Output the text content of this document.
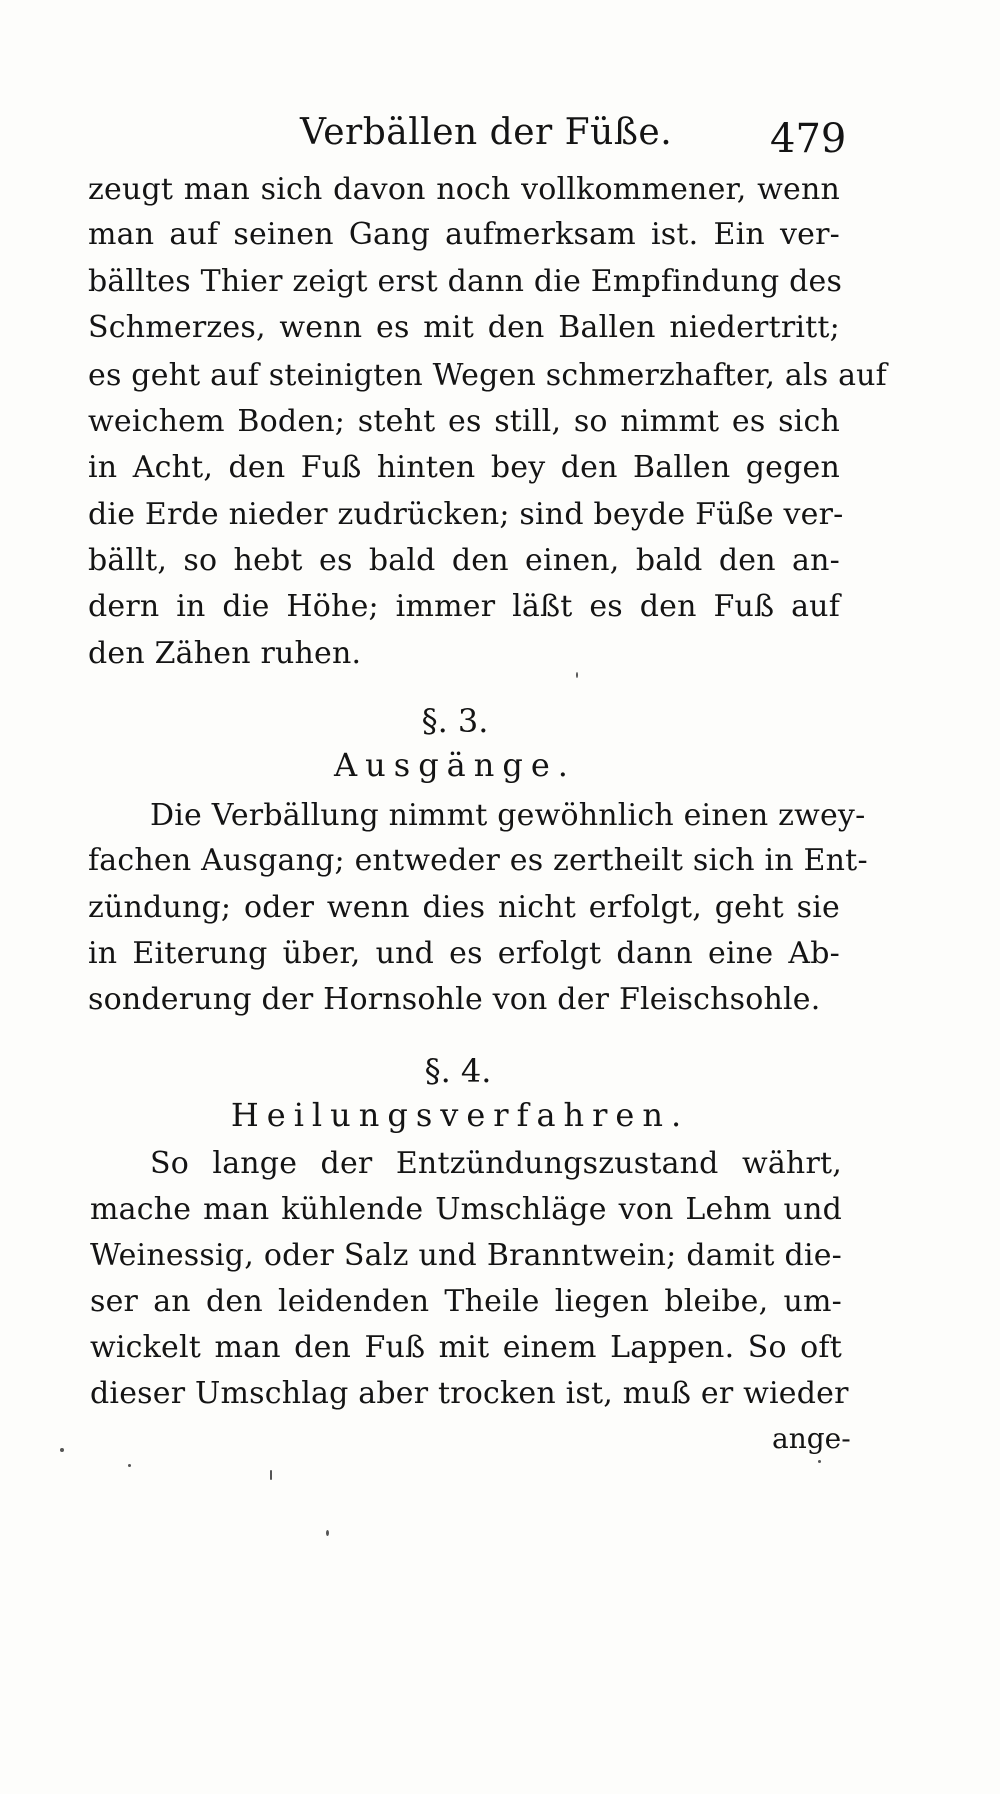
Verbällen der Füße. 479
zeugt man sich davon noch vollkommener, wenn
man auf seinen Gang aufmerksam ist. Ein ver-
bälltes Thier zeigt erst dann die Empfindung des
Schmerzes, wenn es mit den Ballen niedertritt;
es geht auf steinigten Wegen schmerzhafter, als auf
weichem Boden; steht es still, so nimmt es sich
in Acht, den Fuß hinten bey den Ballen gegen
die Erde nieder zudrücken; sind beyde Füße ver-
bällt, so hebt es bald den einen, bald den an-
dern in die Höhe; immer läßt es den Fuß auf
den Zähen ruhen.
§. 3.
Ausgänge.
Die Verbällung nimmt gewöhnlich einen zwey-
fachen Ausgang; entweder es zertheilt sich in Ent-
zündung; oder wenn dies nicht erfolgt, geht sie
in Eiterung über, und es erfolgt dann eine Ab-
sonderung der Hornsohle von der Fleischsohle.
§. 4.
Heilungsverfahren.
So lange der Entzündungszustand währt,
mache man kühlende Umschläge von Lehm und
Weinessig, oder Salz und Branntwein; damit die-
ser an den leidenden Theile liegen bleibe, um-
wickelt man den Fuß mit einem Lappen. So oft
dieser Umschlag aber trocken ist, muß er wieder
ange-
